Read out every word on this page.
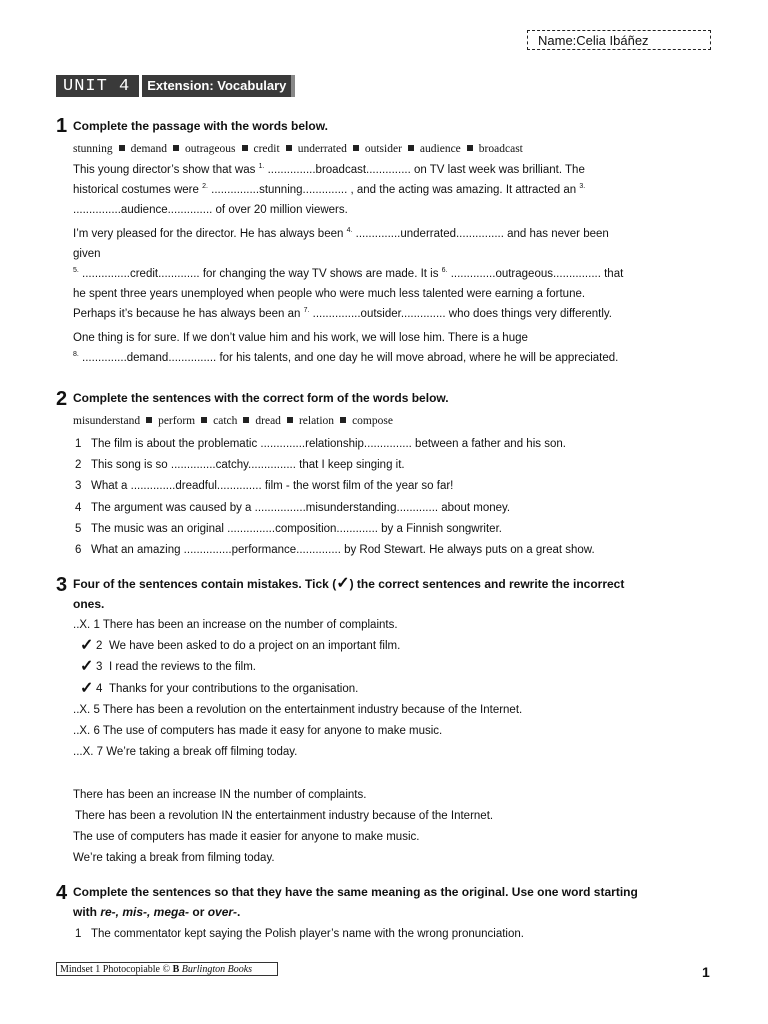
Name:Celia Ibáñez
UNIT 4	Extension: Vocabulary
1 Complete the passage with the words below.
stunning demand outrageous credit underrated outsider audience broadcast
This young director’s show that was $^{1.}$ ...............broadcast.............. on TV last week was brilliant. The
historical costumes were $^{2.}$ ...............stunning.............. , and the acting was amazing. It attracted an $^{3.}$
...............audience.............. of over 20 million viewers.
I’m very pleased for the director. He has always been $^{4.}$ ..............underrated............... and has never been
given
$^{5.}$ ...............credit............. for changing the way TV shows are made. It is $^{6.}$ ..............outrageous............... that
he spent three years unemployed when people who were much less talented were earning a fortune.
Perhaps it’s because he has always been an $^{7.}$ ...............outsider.............. who does things very differently.
One thing is for sure. If we don’t value him and his work, we will lose him. There is a huge
$^{8.}$ ..............demand............... for his talents, and one day he will move abroad, where he will be appreciated.
2 Complete the sentences with the correct form of the words below.
misunderstand perform catch dread relation compose
1 The film is about the problematic ..............relationship............... between a father and his son.
2 This song is so ..............catchy............... that I keep singing it.
3 What a ..............dreadful.............. film - the worst film of the year so far!
4 The argument was caused by a ................misunderstanding............. about money.
5 The music was an original ...............composition............. by a Finnish songwriter.
6 What an amazing ...............performance.............. by Rod Stewart. He always puts on a great show.
3 Four of the sentences contain mistakes. Tick (✓) the correct sentences and rewrite the incorrect
ones.
..X. 1 There has been an increase on the number of complaints.
✓ 2 We have been asked to do a project on an important film.
✓ 3 I read the reviews to the film.
✓ 4 Thanks for your contributions to the organisation.
..X. 5 There has been a revolution on the entertainment industry because of the Internet.
..X. 6 The use of computers has made it easy for anyone to make music.
...X. 7 We’re taking a break off filming today.
There has been an increase IN the number of complaints.
There has been a revolution IN the entertainment industry because of the Internet.
The use of computers has made it easier for anyone to make music.
We’re taking a break from filming today.
4 Complete the sentences so that they have the same meaning as the original. Use one word starting
with re-, mis-, mega- or over-.
1 The commentator kept saying the Polish player’s name with the wrong pronunciation.
Mindset 1 Photocopiable © B Burlington Books	1
